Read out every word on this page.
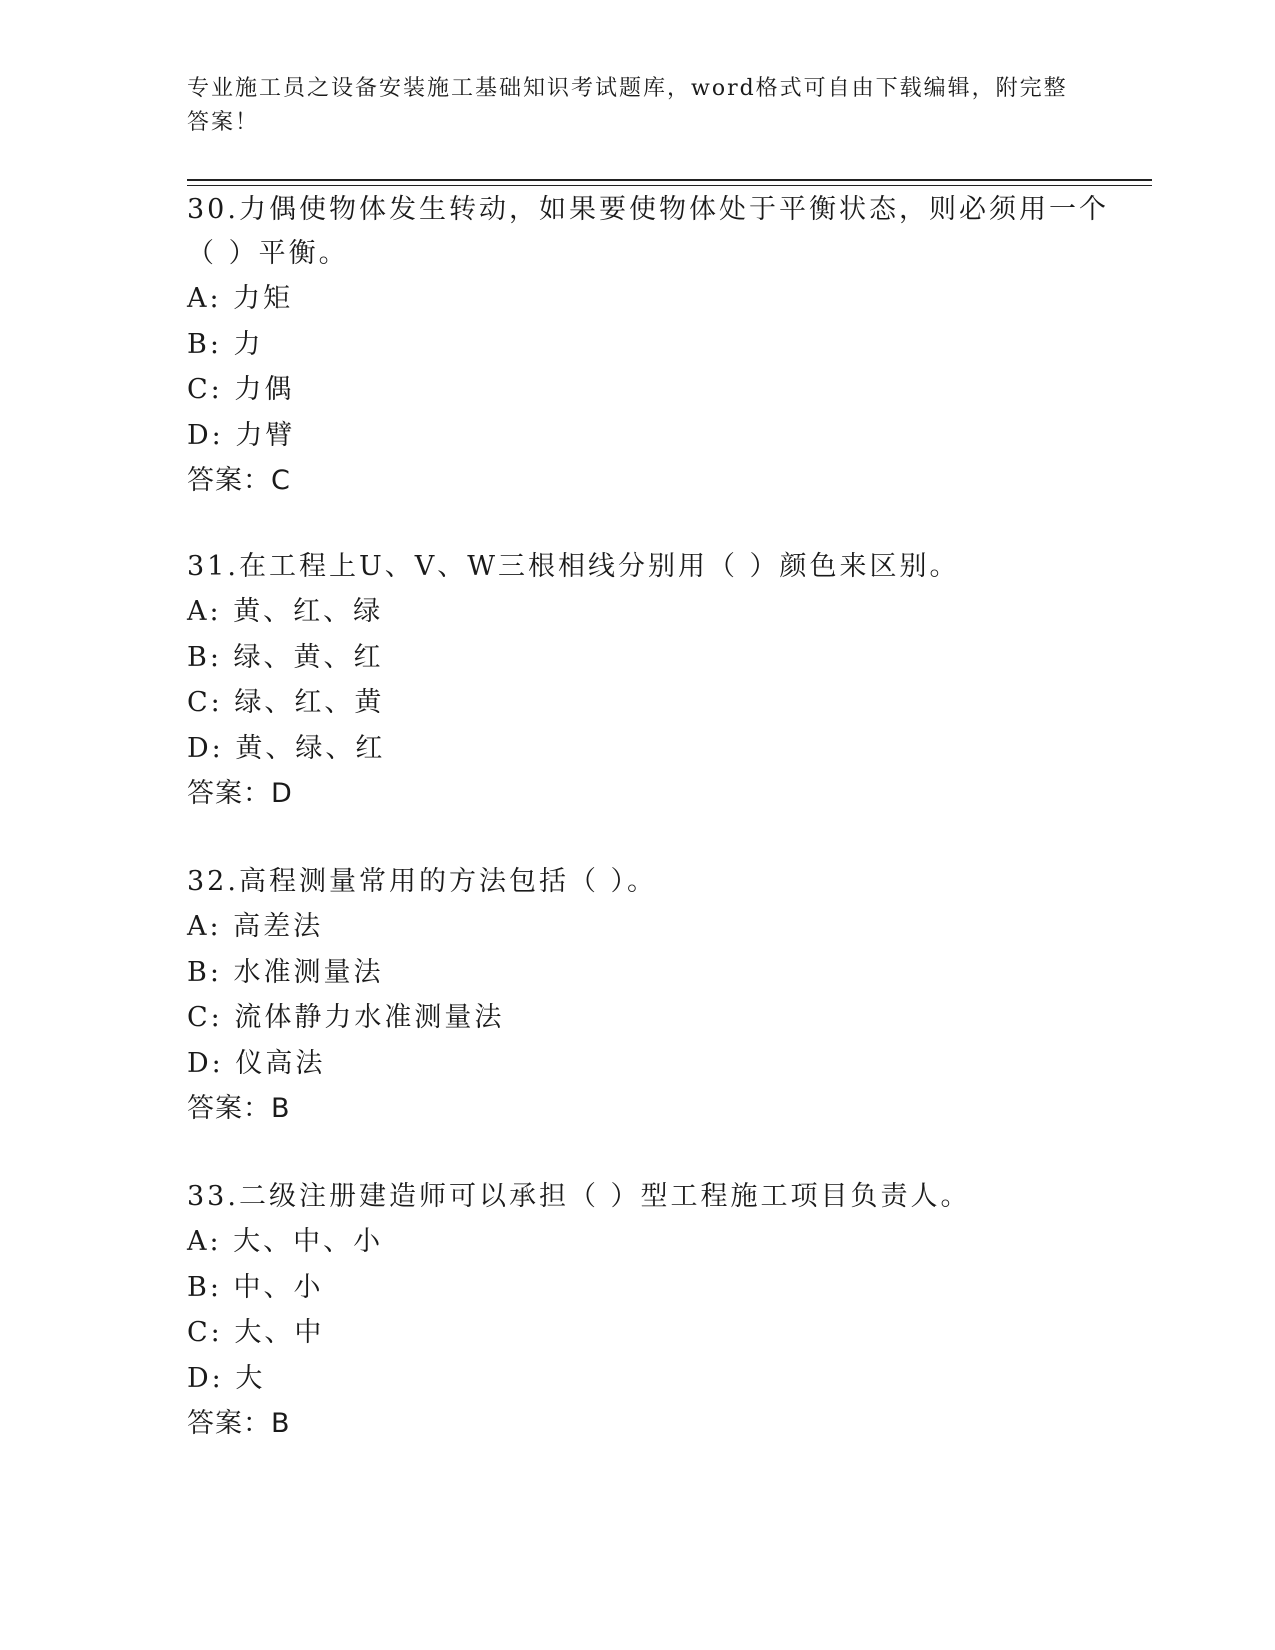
专业施工员之设备安装施工基础知识考试题库，word格式可自由下载编辑，附完整答案！

30.力偶使物体发生转动，如果要使物体处于平衡状态，则必须用一个（ ）平衡。

A: 力矩

B: 力

C: 力偶

D: 力臂

答案：C

31.在工程上U、V、W三根相线分别用（ ）颜色来区别。

A: 黄、红、绿

B: 绿、黄、红

C: 绿、红、黄

D: 黄、绿、红

答案：D

32.高程测量常用的方法包括（ ）。

A: 高差法

B: 水准测量法

C: 流体静力水准测量法

D: 仪高法

答案：B

33.二级注册建造师可以承担（ ）型工程施工项目负责人。

A: 大、中、小

B: 中、小

C: 大、中

D: 大

答案：B
